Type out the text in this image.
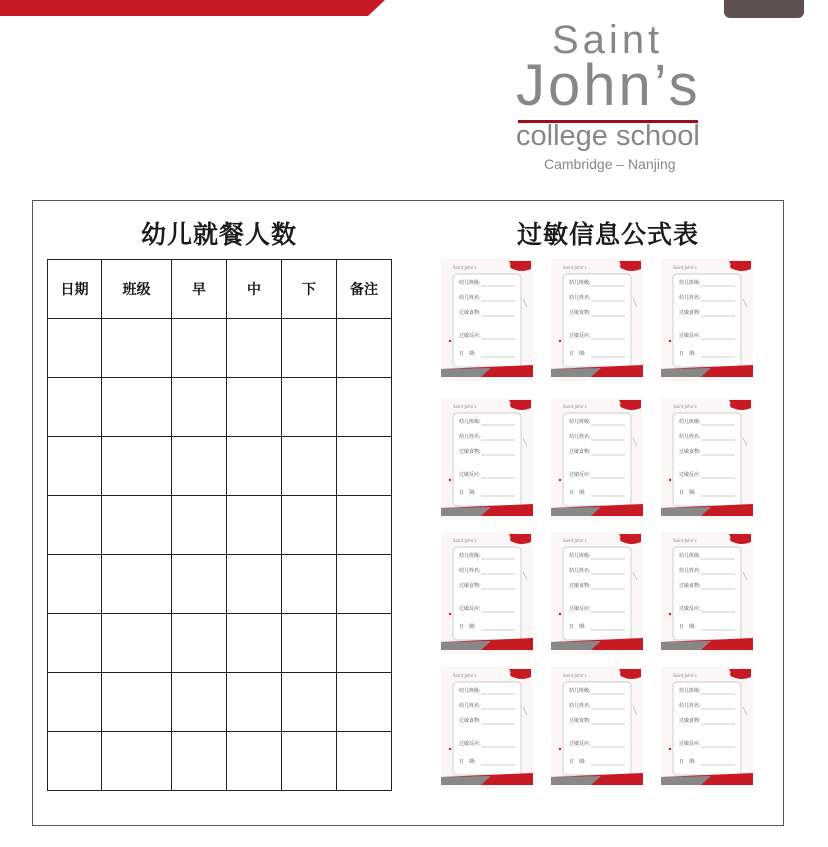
Saint
John’s
college school
Cambridge – Nanjing
幼儿就餐人数	过敏信息公式表
日期	班级	早	中	下	备注

Saint John’s
幼儿班级:
幼儿姓名:
过敏食物:
过敏反应:
日　期:
Saint John’s
幼儿班级:
幼儿姓名:
过敏食物:
过敏反应:
日　期:
Saint John’s
幼儿班级:
幼儿姓名:
过敏食物:
过敏反应:
日　期:
Saint John’s
幼儿班级:
幼儿姓名:
过敏食物:
过敏反应:
日　期:
Saint John’s
幼儿班级:
幼儿姓名:
过敏食物:
过敏反应:
日　期:
Saint John’s
幼儿班级:
幼儿姓名:
过敏食物:
过敏反应:
日　期:
Saint John’s
幼儿班级:
幼儿姓名:
过敏食物:
过敏反应:
日　期:
Saint John’s
幼儿班级:
幼儿姓名:
过敏食物:
过敏反应:
日　期:
Saint John’s
幼儿班级:
幼儿姓名:
过敏食物:
过敏反应:
日　期:
Saint John’s
幼儿班级:
幼儿姓名:
过敏食物:
过敏反应:
日　期:
Saint John’s
幼儿班级:
幼儿姓名:
过敏食物:
过敏反应:
日　期:
Saint John’s
幼儿班级:
幼儿姓名:
过敏食物:
过敏反应:
日　期:
